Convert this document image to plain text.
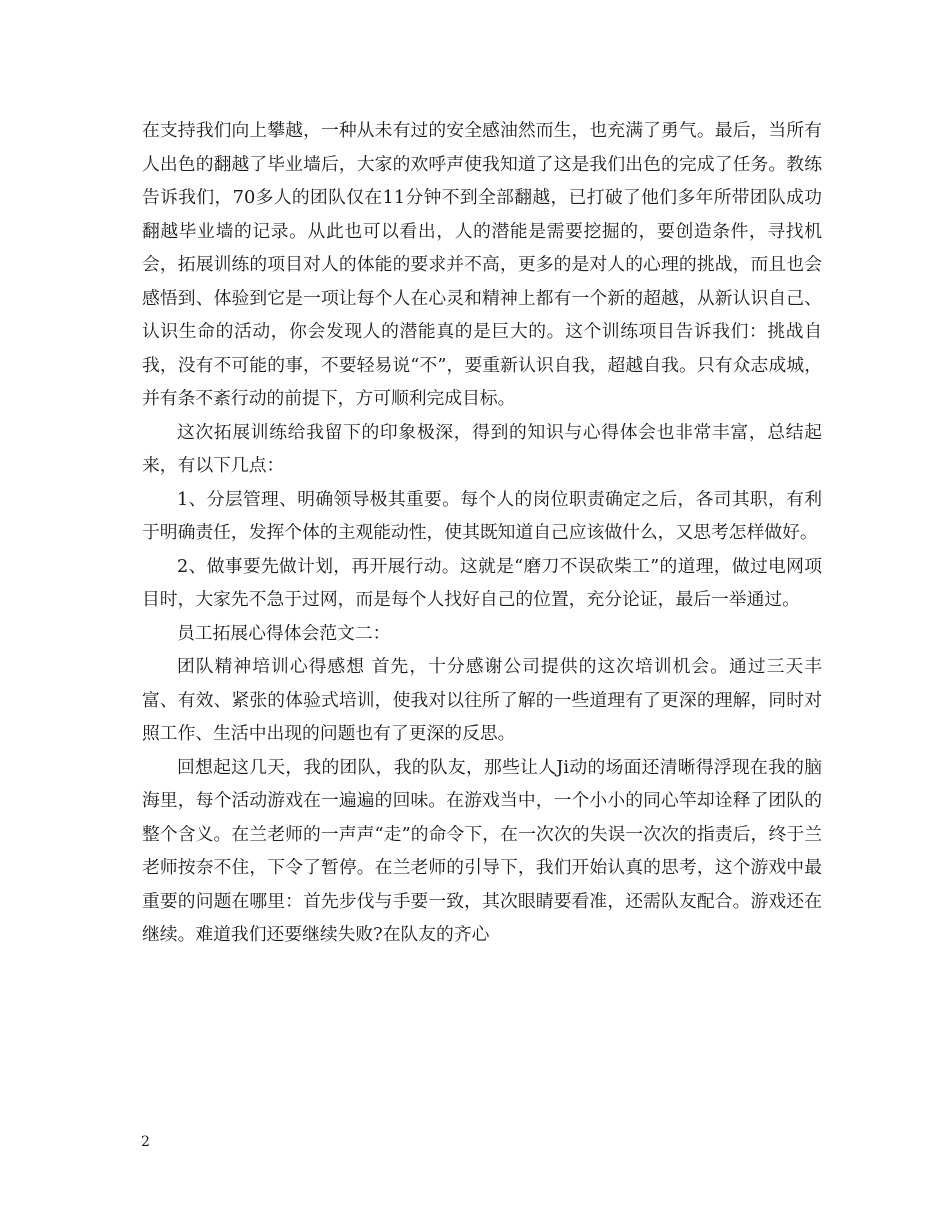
在支持我们向上攀越，一种从未有过的安全感油然而生，也充满了勇气。最后，当所有人出色的翻越了毕业墙后，大家的欢呼声使我知道了这是我们出色的完成了任务。教练告诉我们，70多人的团队仅在11分钟不到全部翻越，已打破了他们多年所带团队成功翻越毕业墙的记录。从此也可以看出，人的潜能是需要挖掘的，要创造条件，寻找机会，拓展训练的项目对人的体能的要求并不高，更多的是对人的心理的挑战，而且也会感悟到、体验到它是一项让每个人在心灵和精神上都有一个新的超越，从新认识自己、认识生命的活动，你会发现人的潜能真的是巨大的。这个训练项目告诉我们：挑战自我，没有不可能的事，不要轻易说“不”，要重新认识自我，超越自我。只有众志成城，并有条不紊行动的前提下，方可顺利完成目标。

这次拓展训练给我留下的印象极深，得到的知识与心得体会也非常丰富，总结起来，有以下几点：

1、分层管理、明确领导极其重要。每个人的岗位职责确定之后，各司其职，有利于明确责任，发挥个体的主观能动性，使其既知道自己应该做什么，又思考怎样做好。

2、做事要先做计划，再开展行动。这就是“磨刀不误砍柴工”的道理，做过电网项目时，大家先不急于过网，而是每个人找好自己的位置，充分论证，最后一举通过。

员工拓展心得体会范文二：

团队精神培训心得感想 首先，十分感谢公司提供的这次培训机会。通过三天丰富、有效、紧张的体验式培训，使我对以往所了解的一些道理有了更深的理解，同时对照工作、生活中出现的问题也有了更深的反思。

回想起这几天，我的团队，我的队友，那些让人Ji动的场面还清晰得浮现在我的脑海里，每个活动游戏在一遍遍的回味。在游戏当中，一个小小的同心竿却诠释了团队的整个含义。在兰老师的一声声“走”的命令下，在一次次的失误一次次的指责后，终于兰老师按奈不住，下令了暂停。在兰老师的引导下，我们开始认真的思考，这个游戏中最重要的问题在哪里：首先步伐与手要一致，其次眼睛要看准，还需队友配合。游戏还在继续。难道我们还要继续失败?在队友的齐心

2
